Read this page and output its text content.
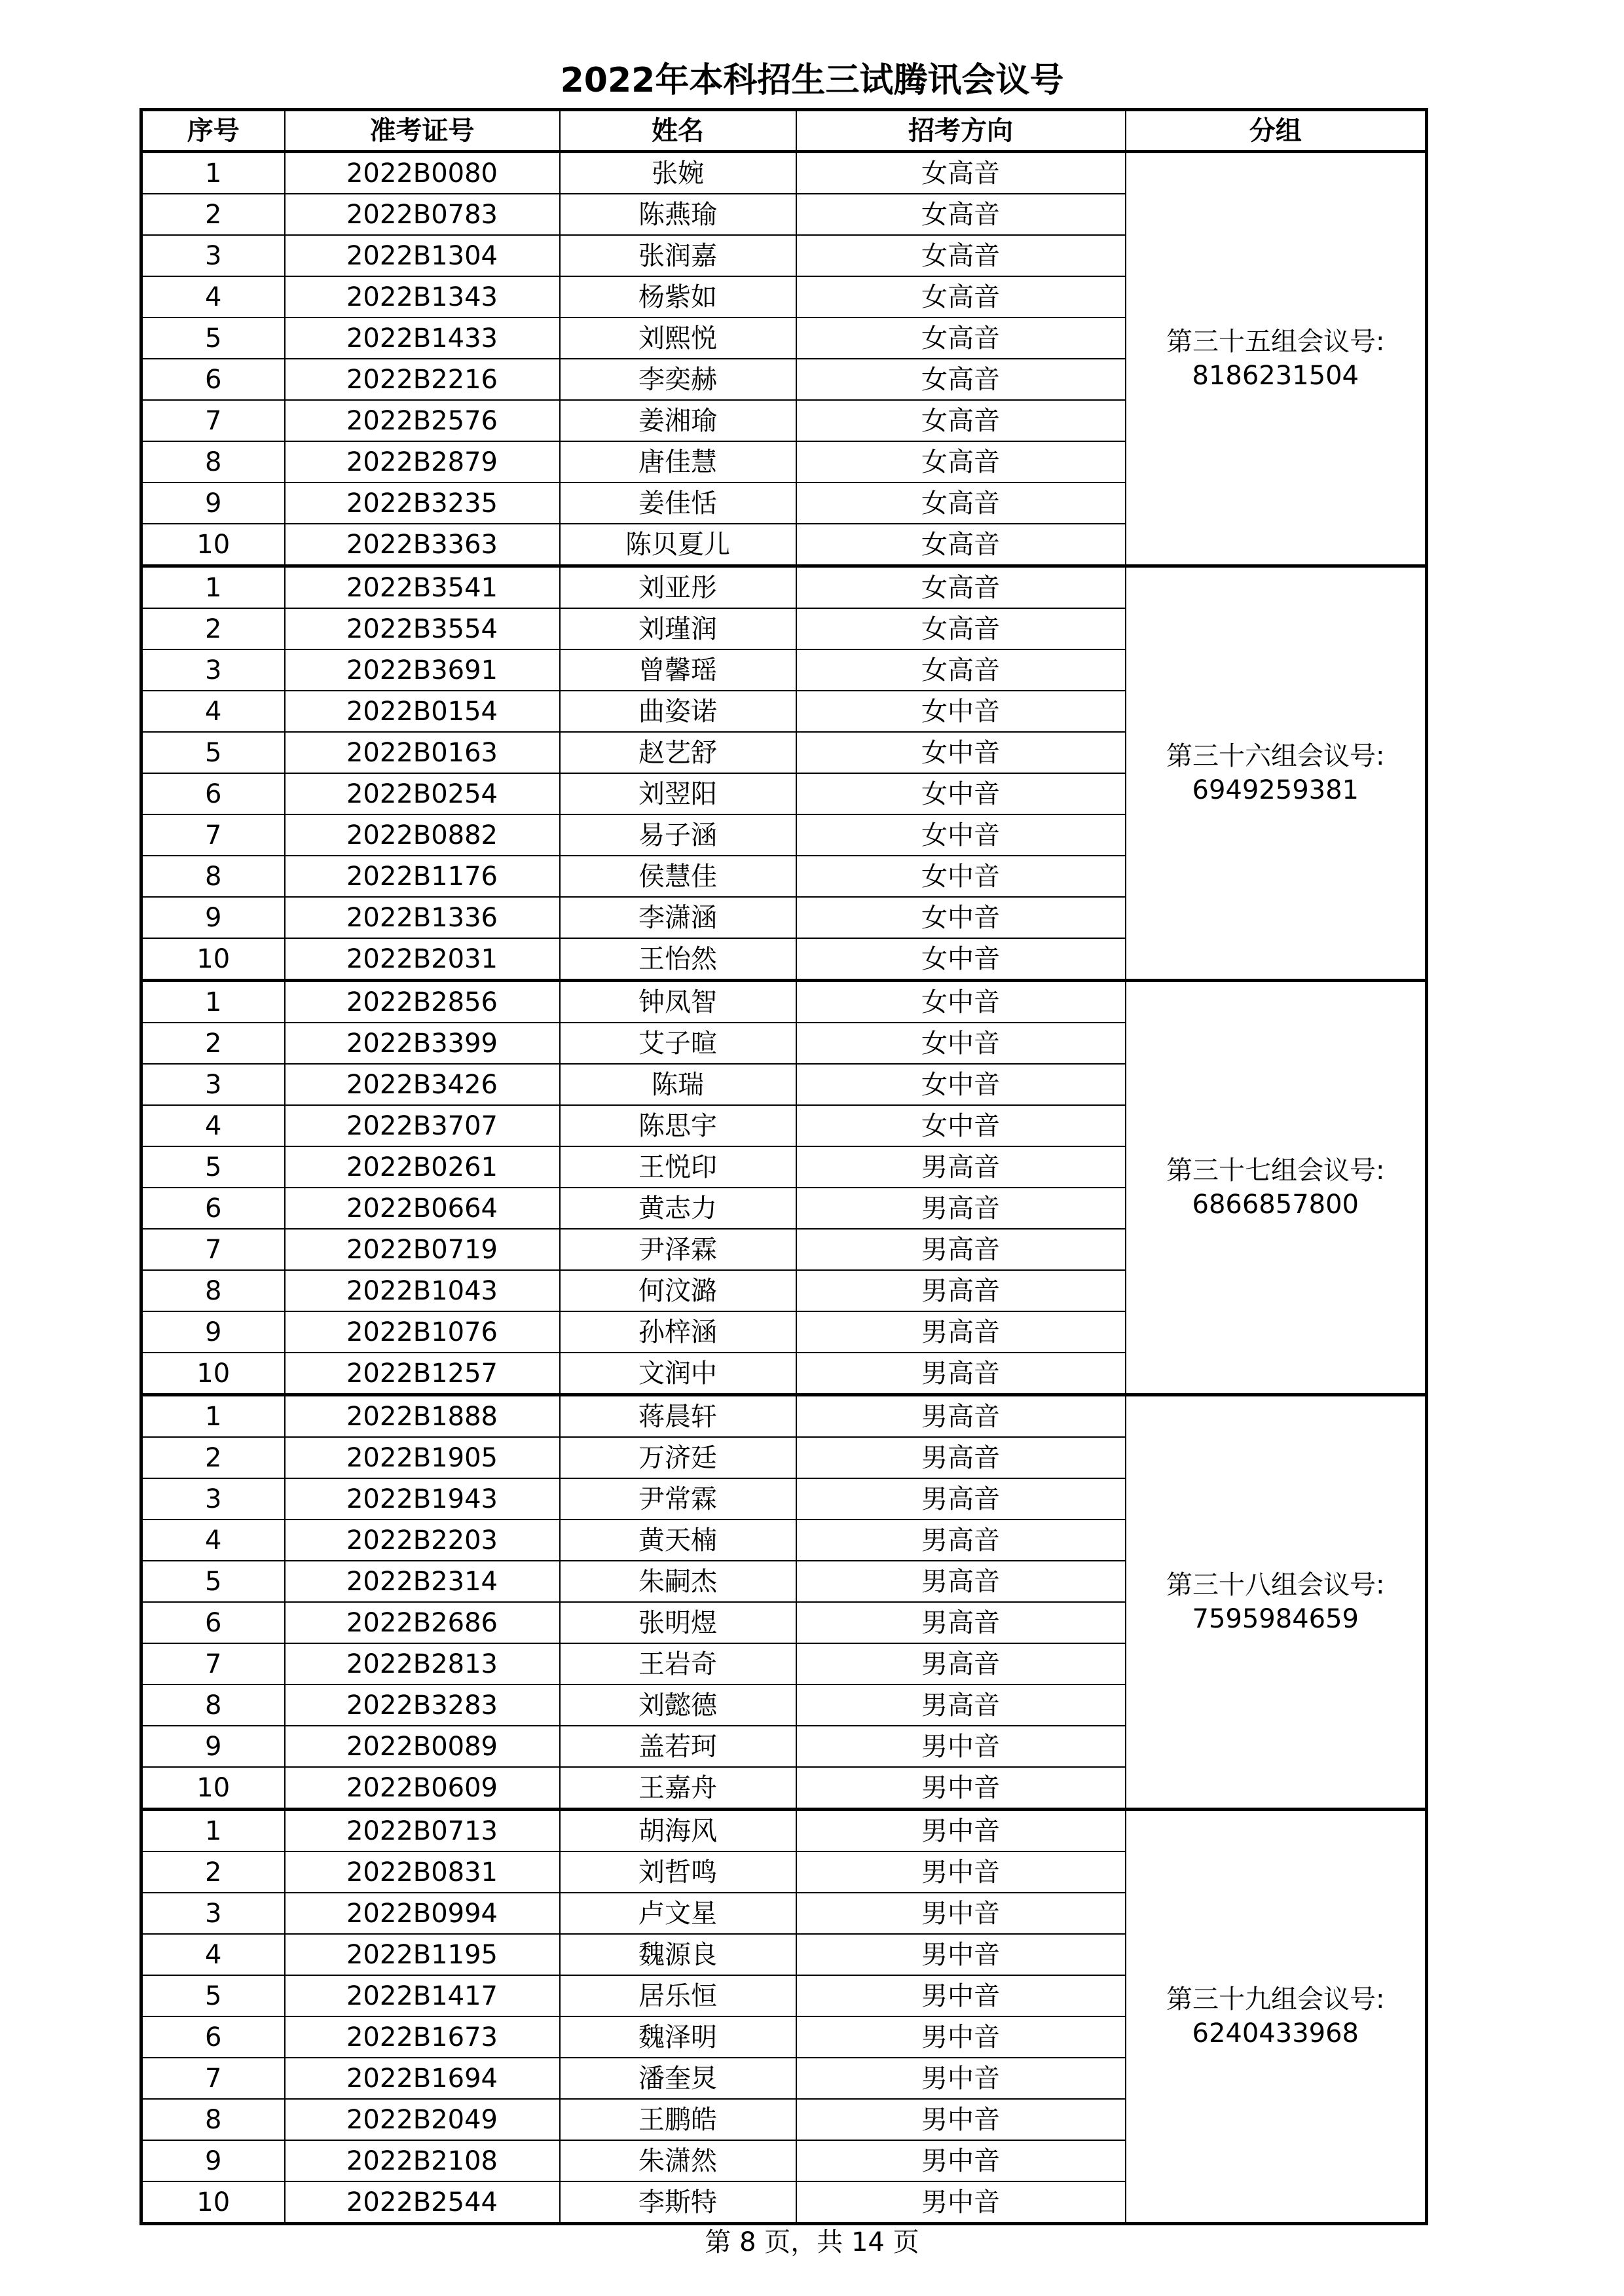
2022年本科招生三试腾讯会议号
序号	准考证号	姓名	招考方向	分组
1	2022B0080	张婉	女高音	第三十五组会议号:
8186231504

2	2022B0783	陈燕瑜	女高音	
3	2022B1304	张润嘉	女高音	
4	2022B1343	杨紫如	女高音	
5	2022B1433	刘熙悦	女高音	
6	2022B2216	李奕赫	女高音	
7	2022B2576	姜湘瑜	女高音	
8	2022B2879	唐佳慧	女高音	
9	2022B3235	姜佳恬	女高音	
10	2022B3363	陈贝夏儿	女高音	
1	2022B3541	刘亚彤	女高音	第三十六组会议号:
6949259381

2	2022B3554	刘瑾润	女高音	
3	2022B3691	曾馨瑶	女高音	
4	2022B0154	曲姿诺	女中音	
5	2022B0163	赵艺舒	女中音	
6	2022B0254	刘翌阳	女中音	
7	2022B0882	易子涵	女中音	
8	2022B1176	侯慧佳	女中音	
9	2022B1336	李潇涵	女中音	
10	2022B2031	王怡然	女中音	
1	2022B2856	钟凤智	女中音	第三十七组会议号:
6866857800

2	2022B3399	艾子暄	女中音	
3	2022B3426	陈瑞	女中音	
4	2022B3707	陈思宇	女中音	
5	2022B0261	王悦印	男高音	
6	2022B0664	黄志力	男高音	
7	2022B0719	尹泽霖	男高音	
8	2022B1043	何汶潞	男高音	
9	2022B1076	孙梓涵	男高音	
10	2022B1257	文润中	男高音	
1	2022B1888	蒋晨轩	男高音	第三十八组会议号:
7595984659

2	2022B1905	万济廷	男高音	
3	2022B1943	尹常霖	男高音	
4	2022B2203	黄天楠	男高音	
5	2022B2314	朱嗣杰	男高音	
6	2022B2686	张明煜	男高音	
7	2022B2813	王岩奇	男高音	
8	2022B3283	刘懿德	男高音	
9	2022B0089	盖若珂	男中音	
10	2022B0609	王嘉舟	男中音	
1	2022B0713	胡海风	男中音	第三十九组会议号:
6240433968

2	2022B0831	刘哲鸣	男中音	
3	2022B0994	卢文星	男中音	
4	2022B1195	魏源良	男中音	
5	2022B1417	居乐恒	男中音	
6	2022B1673	魏泽明	男中音	
7	2022B1694	潘奎炅	男中音	
8	2022B2049	王鹏皓	男中音	
9	2022B2108	朱潇然	男中音	
10	2022B2544	李斯特	男中音	
第 8 页，共 14 页
